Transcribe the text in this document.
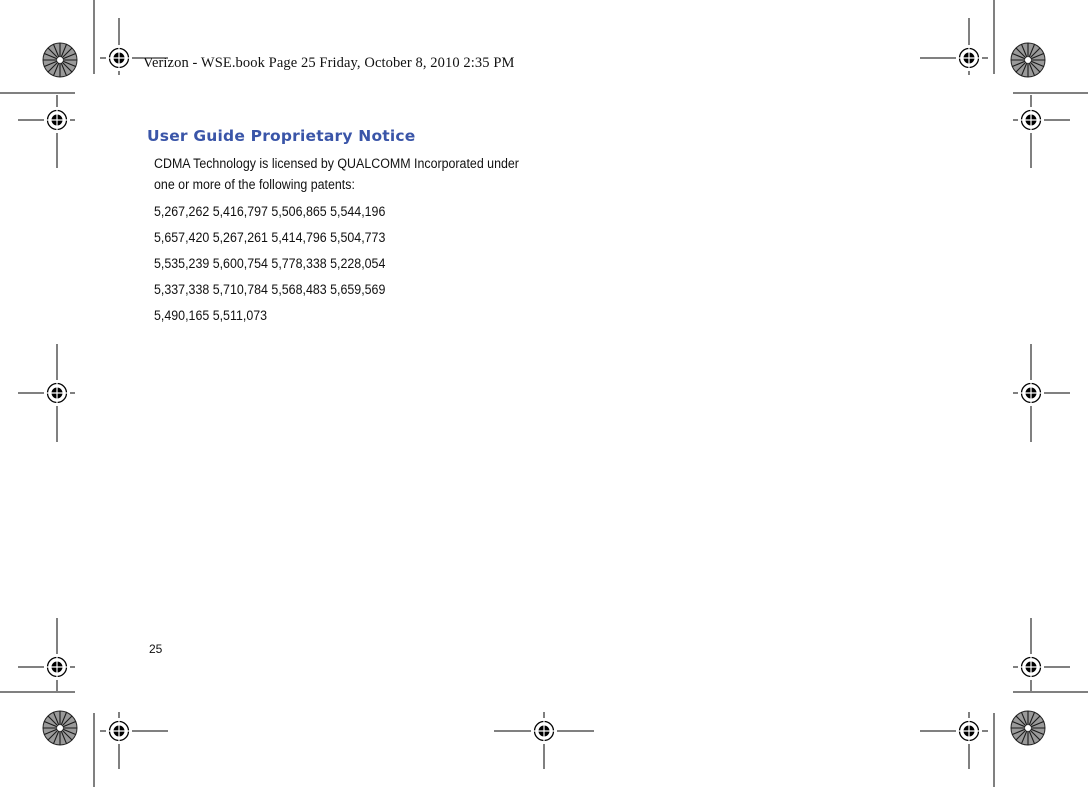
Verizon - WSE.book Page 25 Friday, October 8, 2010 2:35 PM
User Guide Proprietary Notice

CDMA Technology is licensed by QUALCOMM Incorporated under
one or more of the following patents:

5,267,262 5,416,797 5,506,865 5,544,196

5,657,420 5,267,261 5,414,796 5,504,773

5,535,239 5,600,754 5,778,338 5,228,054

5,337,338 5,710,784 5,568,483 5,659,569

5,490,165 5,511,073

25
